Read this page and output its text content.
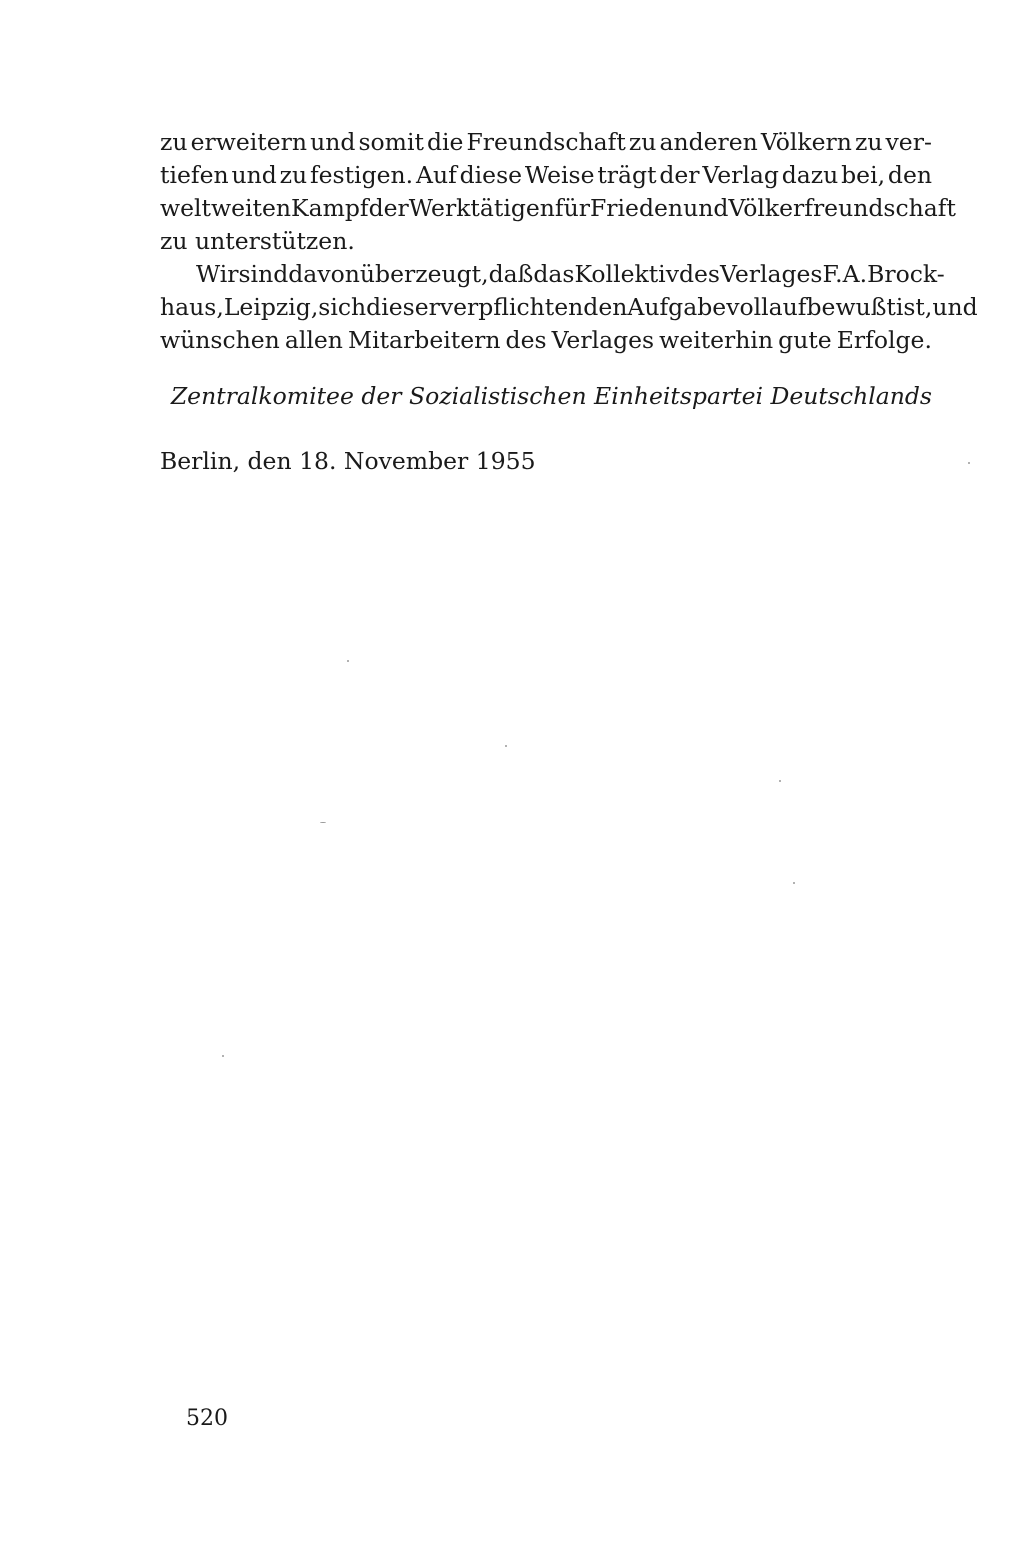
zu erweitern und somit die Freundschaft zu anderen Völkern zu ver-
tiefen und zu festigen. Auf diese Weise trägt der Verlag dazu bei, den
weltweiten Kampf der Werktätigen für Frieden und Völkerfreundschaft
zu unterstützen.
Wir sind davon überzeugt, daß das Kollektiv des Verlages F. A. Brock-
haus, Leipzig, sich dieser verpflichtenden Aufgabe vollauf bewußt ist, und
wünschen allen Mitarbeitern des Verlages weiterhin gute Erfolge.
Zentralkomitee der Sozialistischen Einheitspartei Deutschlands
Berlin, den 18. November 1955
520
